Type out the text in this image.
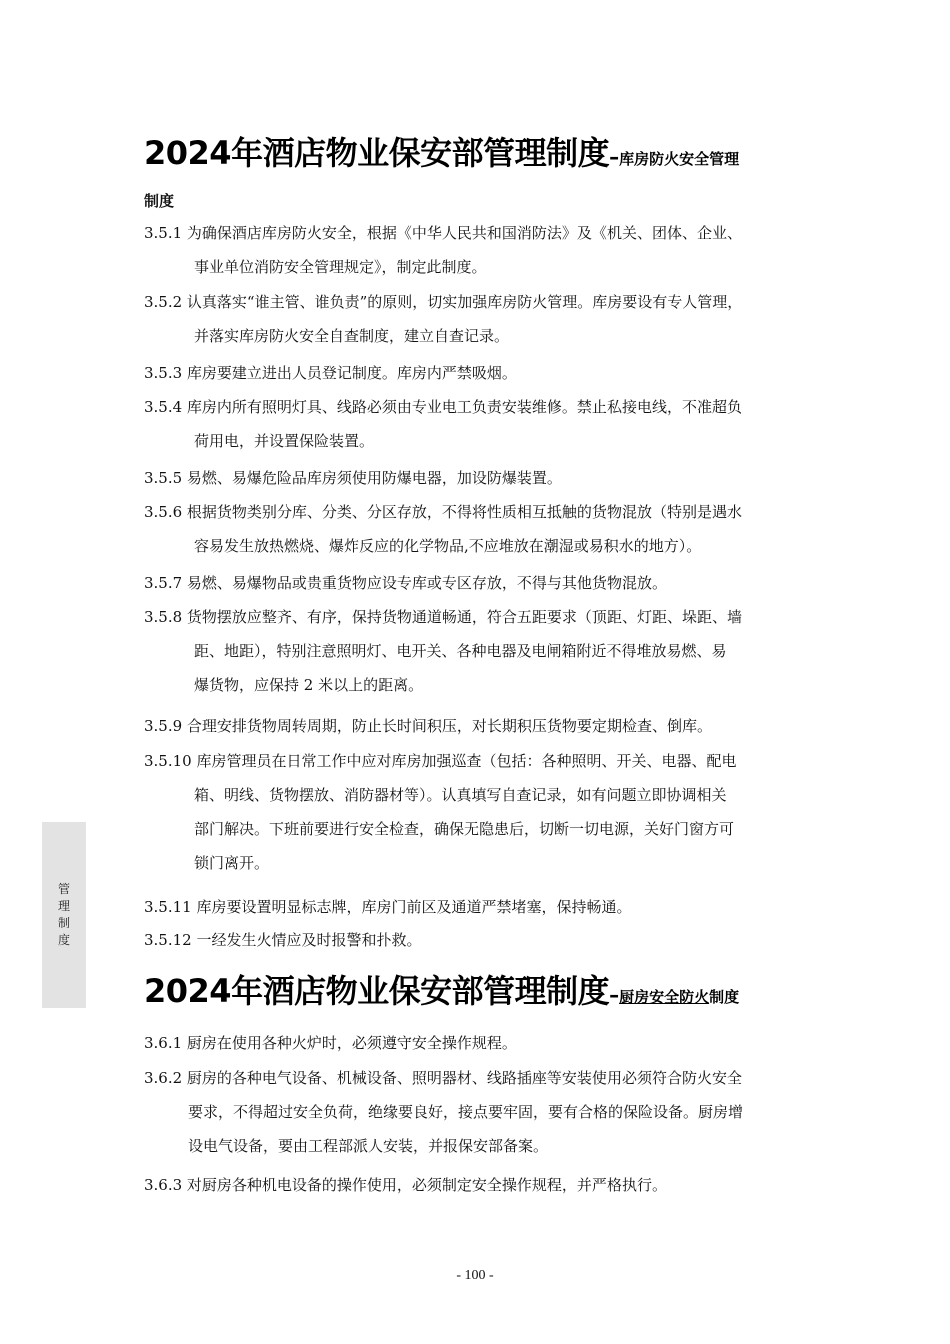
管
理
制
度
2024年酒店物业保安部管理制度–库房防火安全管理
制度
3.5.1 为确保酒店库房防火安全，根据《中华人民共和国消防法》及《机关、团体、企业、
事业单位消防安全管理规定》，制定此制度。
3.5.2 认真落实“谁主管、谁负责”的原则，切实加强库房防火管理。库房要设有专人管理，
并落实库房防火安全自查制度，建立自查记录。
3.5.3 库房要建立进出人员登记制度。库房内严禁吸烟。
3.5.4 库房内所有照明灯具、线路必须由专业电工负责安装维修。禁止私接电线，不准超负
荷用电，并设置保险装置。
3.5.5 易燃、易爆危险品库房须使用防爆电器，加设防爆装置。
3.5.6 根据货物类别分库、分类、分区存放，不得将性质相互抵触的货物混放（特别是遇水
容易发生放热燃烧、爆炸反应的化学物品,不应堆放在潮湿或易积水的地方）。
3.5.7 易燃、易爆物品或贵重货物应设专库或专区存放，不得与其他货物混放。
3.5.8 货物摆放应整齐、有序，保持货物通道畅通，符合五距要求（顶距、灯距、垛距、墙
距、地距），特别注意照明灯、电开关、各种电器及电闸箱附近不得堆放易燃、易
爆货物，应保持 2 米以上的距离。
3.5.9 合理安排货物周转周期，防止长时间积压，对长期积压货物要定期检查、倒库。
3.5.10 库房管理员在日常工作中应对库房加强巡查（包括：各种照明、开关、电器、配电
箱、明线、货物摆放、消防器材等）。认真填写自查记录，如有问题立即协调相关
部门解决。下班前要进行安全检查，确保无隐患后，切断一切电源，关好门窗方可
锁门离开。
3.5.11 库房要设置明显标志牌，库房门前区及通道严禁堵塞，保持畅通。
3.5.12 一经发生火情应及时报警和扑救。
2024年酒店物业保安部管理制度–厨房安全防火制度
3.6.1 厨房在使用各种火炉时，必须遵守安全操作规程。
3.6.2 厨房的各种电气设备、机械设备、照明器材、线路插座等安装使用必须符合防火安全
要求，不得超过安全负荷，绝缘要良好，接点要牢固，要有合格的保险设备。厨房增
设电气设备，要由工程部派人安装，并报保安部备案。
3.6.3 对厨房各种机电设备的操作使用，必须制定安全操作规程，并严格执行。
- 100 -
